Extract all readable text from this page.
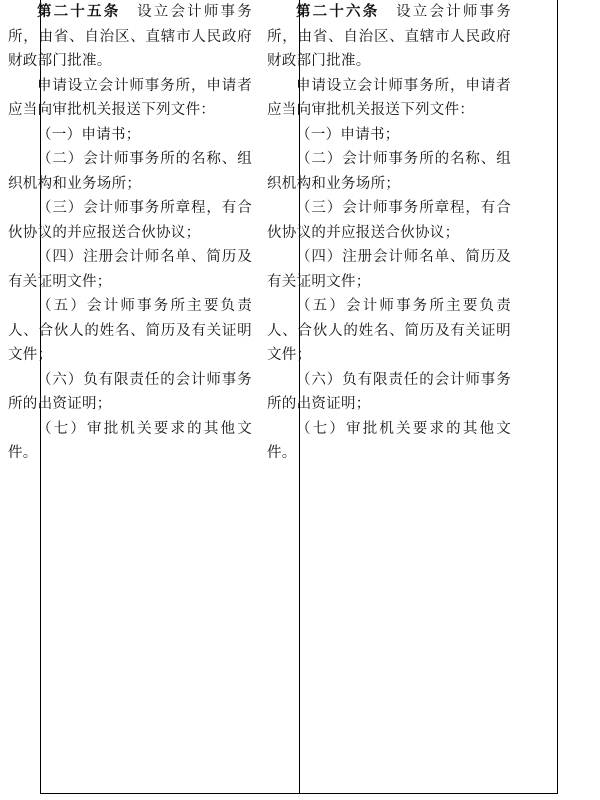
第二十五条　 设立会计师事务所，由省、自治区、直辖市人民政府财政部门批准。

申请设立会计师事务所，申请者应当向审批机关报送下列文件：

（一）申请书；

（二）会计师事务所的名称、组织机构和业务场所；

（三）会计师事务所章程，有合伙协议的并应报送合伙协议；

（四）注册会计师名单、简历及有关证明文件；

（五）会计师事务所主要负责人、合伙人的姓名、简历及有关证明文件；

（六）负有限责任的会计师事务所的出资证明；

（七）审批机关要求的其他文件。

第二十六条　 设立会计师事务所，由省、自治区、直辖市人民政府财政部门批准。

申请设立会计师事务所，申请者应当向审批机关报送下列文件：

（一）申请书；

（二）会计师事务所的名称、组织机构和业务场所；

（三）会计师事务所章程，有合伙协议的并应报送合伙协议；

（四）注册会计师名单、简历及有关证明文件；

（五）会计师事务所主要负责人、合伙人的姓名、简历及有关证明文件；

（六）负有限责任的会计师事务所的出资证明；

（七）审批机关要求的其他文件。
